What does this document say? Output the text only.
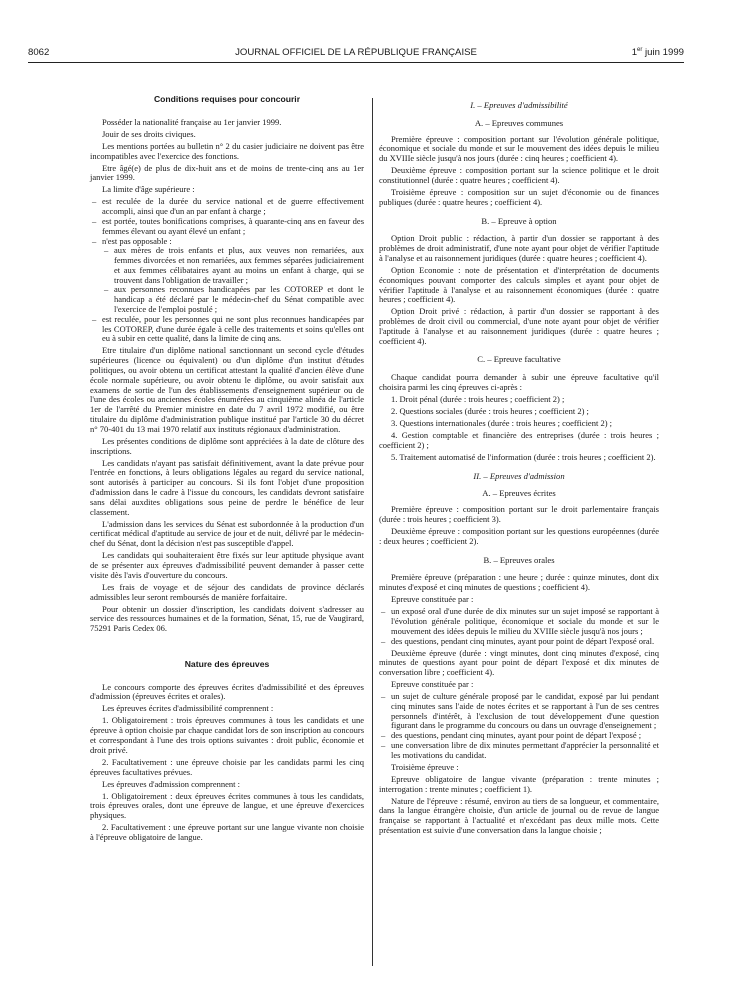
8062	JOURNAL OFFICIEL DE LA RÉPUBLIQUE FRANÇAISE	1er juin 1999
Conditions requises pour concourir

Posséder la nationalité française au 1er janvier 1999.

Jouir de ses droits civiques.

Les mentions portées au bulletin n° 2 du casier judiciaire ne doivent pas être incompatibles avec l'exercice des fonctions.

Etre âgé(e) de plus de dix-huit ans et de moins de trente-cinq ans au 1er janvier 1999.

La limite d'âge supérieure :

– est reculée de la durée du service national et de guerre effectivement accompli, ainsi que d'un an par enfant à charge ;
– est portée, toutes bonifications comprises, à quarante-cinq ans en faveur des femmes élevant ou ayant élevé un enfant ;
– n'est pas opposable :
– aux mères de trois enfants et plus, aux veuves non remariées, aux femmes divorcées et non remariées, aux femmes séparées judiciairement et aux femmes célibataires ayant au moins un enfant à charge, qui se trouvent dans l'obligation de travailler ;
– aux personnes reconnues handicapées par les COTOREP et dont le handicap a été déclaré par le médecin-chef du Sénat compatible avec l'exercice de l'emploi postulé ;
– est reculée, pour les personnes qui ne sont plus reconnues handicapées par les COTOREP, d'une durée égale à celle des traitements et soins qu'elles ont eu à subir en cette qualité, dans la limite de cinq ans.

Etre titulaire d'un diplôme national sanctionnant un second cycle d'études supérieures (licence ou équivalent) ou d'un diplôme d'un institut d'études politiques, ou avoir obtenu un certificat attestant la qualité d'ancien élève d'une école normale supérieure, ou avoir obtenu le diplôme, ou avoir satisfait aux examens de sortie de l'un des établissements d'enseignement supérieur ou de l'une des écoles ou anciennes écoles énumérées au cinquième alinéa de l'article 1er de l'arrêté du Premier ministre en date du 7 avril 1972 modifié, ou être titulaire du diplôme d'administration publique institué par l'article 30 du décret n° 70-401 du 13 mai 1970 relatif aux instituts régionaux d'administration.

Les présentes conditions de diplôme sont appréciées à la date de clôture des inscriptions.

Les candidats n'ayant pas satisfait définitivement, avant la date prévue pour l'entrée en fonctions, à leurs obligations légales au regard du service national, sont autorisés à participer au concours. Si ils font l'objet d'une proposition d'admission dans le cadre à l'issue du concours, les candidats devront satisfaire sans délai auxdites obligations sous peine de perdre le bénéfice de leur classement.

L'admission dans les services du Sénat est subordonnée à la production d'un certificat médical d'aptitude au service de jour et de nuit, délivré par le médecin-chef du Sénat, dont la décision n'est pas susceptible d'appel.

Les candidats qui souhaiteraient être fixés sur leur aptitude physique avant de se présenter aux épreuves d'admissibilité peuvent demander à passer cette visite dès l'avis d'ouverture du concours.

Les frais de voyage et de séjour des candidats de province déclarés admissibles leur seront remboursés de manière forfaitaire.

Pour obtenir un dossier d'inscription, les candidats doivent s'adresser au service des ressources humaines et de la formation, Sénat, 15, rue de Vaugirard, 75291 Paris Cedex 06.

Nature des épreuves

Le concours comporte des épreuves écrites d'admissibilité et des épreuves d'admission (épreuves écrites et orales).

Les épreuves écrites d'admissibilité comprennent :

1. Obligatoirement : trois épreuves communes à tous les candidats et une épreuve à option choisie par chaque candidat lors de son inscription au concours et correspondant à l'une des trois options suivantes : droit public, économie et droit privé.

2. Facultativement : une épreuve choisie par les candidats parmi les cinq épreuves facultatives prévues.

Les épreuves d'admission comprennent :

1. Obligatoirement : deux épreuves écrites communes à tous les candidats, trois épreuves orales, dont une épreuve de langue, et une épreuve d'exercices physiques.

2. Facultativement : une épreuve portant sur une langue vivante non choisie à l'épreuve obligatoire de langue.

I. – Epreuves d'admissibilité
A. – Epreuves communes

Première épreuve : composition portant sur l'évolution générale politique, économique et sociale du monde et sur le mouvement des idées depuis le milieu du XVIIIe siècle jusqu'à nos jours (durée : cinq heures ; coefficient 4).

Deuxième épreuve : composition portant sur la science politique et le droit constitutionnel (durée : quatre heures ; coefficient 4).

Troisième épreuve : composition sur un sujet d'économie ou de finances publiques (durée : quatre heures ; coefficient 4).

B. – Epreuve à option

Option Droit public : rédaction, à partir d'un dossier se rapportant à des problèmes de droit administratif, d'une note ayant pour objet de vérifier l'aptitude à l'analyse et au raisonnement juridiques (durée : quatre heures ; coefficient 4).

Option Economie : note de présentation et d'interprétation de documents économiques pouvant comporter des calculs simples et ayant pour objet de vérifier l'aptitude à l'analyse et au raisonnement économiques (durée : quatre heures ; coefficient 4).

Option Droit privé : rédaction, à partir d'un dossier se rapportant à des problèmes de droit civil ou commercial, d'une note ayant pour objet de vérifier l'aptitude à l'analyse et au raisonnement juridiques (durée : quatre heures ; coefficient 4).

C. – Epreuve facultative

Chaque candidat pourra demander à subir une épreuve facultative qu'il choisira parmi les cinq épreuves ci-après :

1. Droit pénal (durée : trois heures ; coefficient 2) ;

2. Questions sociales (durée : trois heures ; coefficient 2) ;

3. Questions internationales (durée : trois heures ; coefficient 2) ;

4. Gestion comptable et financière des entreprises (durée : trois heures ; coefficient 2) ;

5. Traitement automatisé de l'information (durée : trois heures ; coefficient 2).

II. – Epreuves d'admission
A. – Epreuves écrites

Première épreuve : composition portant sur le droit parlementaire français (durée : trois heures ; coefficient 3).

Deuxième épreuve : composition portant sur les questions européennes (durée : deux heures ; coefficient 2).

B. – Epreuves orales

Première épreuve (préparation : une heure ; durée : quinze minutes, dont dix minutes d'exposé et cinq minutes de questions ; coefficient 4).

Epreuve constituée par :

– un exposé oral d'une durée de dix minutes sur un sujet imposé se rapportant à l'évolution générale politique, économique et sociale du monde et sur le mouvement des idées depuis le milieu du XVIIIe siècle jusqu'à nos jours ;
– des questions, pendant cinq minutes, ayant pour point de départ l'exposé oral.

Deuxième épreuve (durée : vingt minutes, dont cinq minutes d'exposé, cinq minutes de questions ayant pour point de départ l'exposé et dix minutes de conversation libre ; coefficient 4).

Epreuve constituée par :

– un sujet de culture générale proposé par le candidat, exposé par lui pendant cinq minutes sans l'aide de notes écrites et se rapportant à l'un de ses centres personnels d'intérêt, à l'exclusion de tout développement d'une question figurant dans le programme du concours ou dans un ouvrage d'enseignement ;
– des questions, pendant cinq minutes, ayant pour point de départ l'exposé ;
– une conversation libre de dix minutes permettant d'apprécier la personnalité et les motivations du candidat.

Troisième épreuve :

Epreuve obligatoire de langue vivante (préparation : trente minutes ; interrogation : trente minutes ; coefficient 1).

Nature de l'épreuve : résumé, environ au tiers de sa longueur, et commentaire, dans la langue étrangère choisie, d'un article de journal ou de revue de langue française se rapportant à l'actualité et n'excédant pas deux mille mots. Cette présentation est suivie d'une conversation dans la langue choisie ;
